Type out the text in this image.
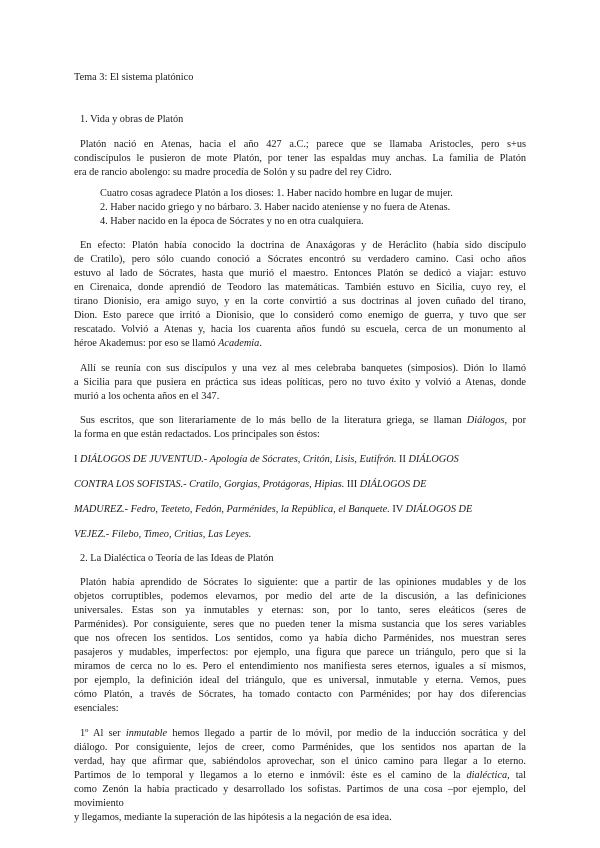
Tema 3: El sistema platónico
1. Vida y obras de Platón
Platón nació en Atenas, hacia el año 427 a.C.; parece que se llamaba Aristocles, pero s+us
condiscípulos le pusieron de mote Platón, por tener las espaldas muy anchas. La familia de Platón
era de rancio abolengo: su madre procedía de Solón y su padre del rey Cidro.
Cuatro cosas agradece Platón a los dioses: 1. Haber nacido hombre en lugar de mujer.
2. Haber nacido griego y no bárbaro. 3. Haber nacido ateniense y no fuera de Atenas.
4. Haber nacido en la época de Sócrates y no en otra cualquiera.
En efecto: Platón había conocido la doctrina de Anaxágoras y de Heráclito (había sido discípulo
de Cratilo), pero sólo cuando conoció a Sócrates encontró su verdadero camino. Casi ocho años
estuvo al lado de Sócrates, hasta que murió el maestro. Entonces Platón se dedicó a viajar: estuvo
en Cirenaica, donde aprendió de Teodoro las matemáticas. También estuvo en Sicilia, cuyo rey, el
tirano Dionisio, era amigo suyo, y en la corte convirtió a sus doctrinas al joven cuñado del tirano,
Dion. Esto parece que irritó a Dionisio, que lo consideró como enemigo de guerra, y tuvo que ser
rescatado. Volvió a Atenas y, hacia los cuarenta años fundó su escuela, cerca de un monumento al
héroe Akademus: por eso se llamó Academia.
Allí se reunía con sus discípulos y una vez al mes celebraba banquetes (simposios). Dión lo llamó
a Sicilia para que pusiera en práctica sus ideas políticas, pero no tuvo éxito y volvió a Atenas, donde
murió a los ochenta años en el 347.
Sus escritos, que son literariamente de lo más bello de la literatura griega, se llaman Diálogos, por
la forma en que están redactados. Los principales son éstos:
I DIÁLOGOS DE JUVENTUD.- Apología de Sócrates, Critón, Lisis, Eutifrón. II DIÁLOGOS
CONTRA LOS SOFISTAS.- Cratilo, Gorgias, Protágoras, Hipias. III DIÁLOGOS DE
MADUREZ.- Fedro, Teeteto, Fedón, Parménides, la República, el Banquete. IV DIÁLOGOS DE
VEJEZ.- Filebo, Timeo, Critias, Las Leyes.
2. La Dialéctica o Teoría de las Ideas de Platón
Platón había aprendido de Sócrates lo siguiente: que a partir de las opiniones mudables y de los
objetos corruptibles, podemos elevarnos, por medio del arte de la discusión, a las definiciones
universales. Estas son ya inmutables y eternas: son, por lo tanto, seres eleáticos (seres de
Parménides). Por consiguiente, seres que no pueden tener la misma sustancia que los seres variables
que nos ofrecen los sentidos. Los sentidos, como ya había dicho Parménides, nos muestran seres
pasajeros y mudables, imperfectos: por ejemplo, una figura que parece un triángulo, pero que si la
miramos de cerca no lo es. Pero el entendimiento nos manifiesta seres eternos, iguales a sí mismos,
por ejemplo, la definición ideal del triángulo, que es universal, inmutable y eterna. Vemos, pues
cómo Platón, a través de Sócrates, ha tomado contacto con Parménides; por hay dos diferencias
esenciales:
1º Al ser inmutable hemos llegado a partir de lo móvil, por medio de la inducción socrática y del
diálogo. Por consiguiente, lejos de creer, como Parménides, que los sentidos nos apartan de la
verdad, hay que afirmar que, sabiéndolos aprovechar, son el único camino para llegar a lo eterno.
Partimos de lo temporal y llegamos a lo eterno e inmóvil: éste es el camino de la dialéctica, tal
como Zenón la había practicado y desarrollado los sofistas. Partimos de una cosa –por ejemplo, del
movimiento
y llegamos, mediante la superación de las hipótesis a la negación de esa idea.
